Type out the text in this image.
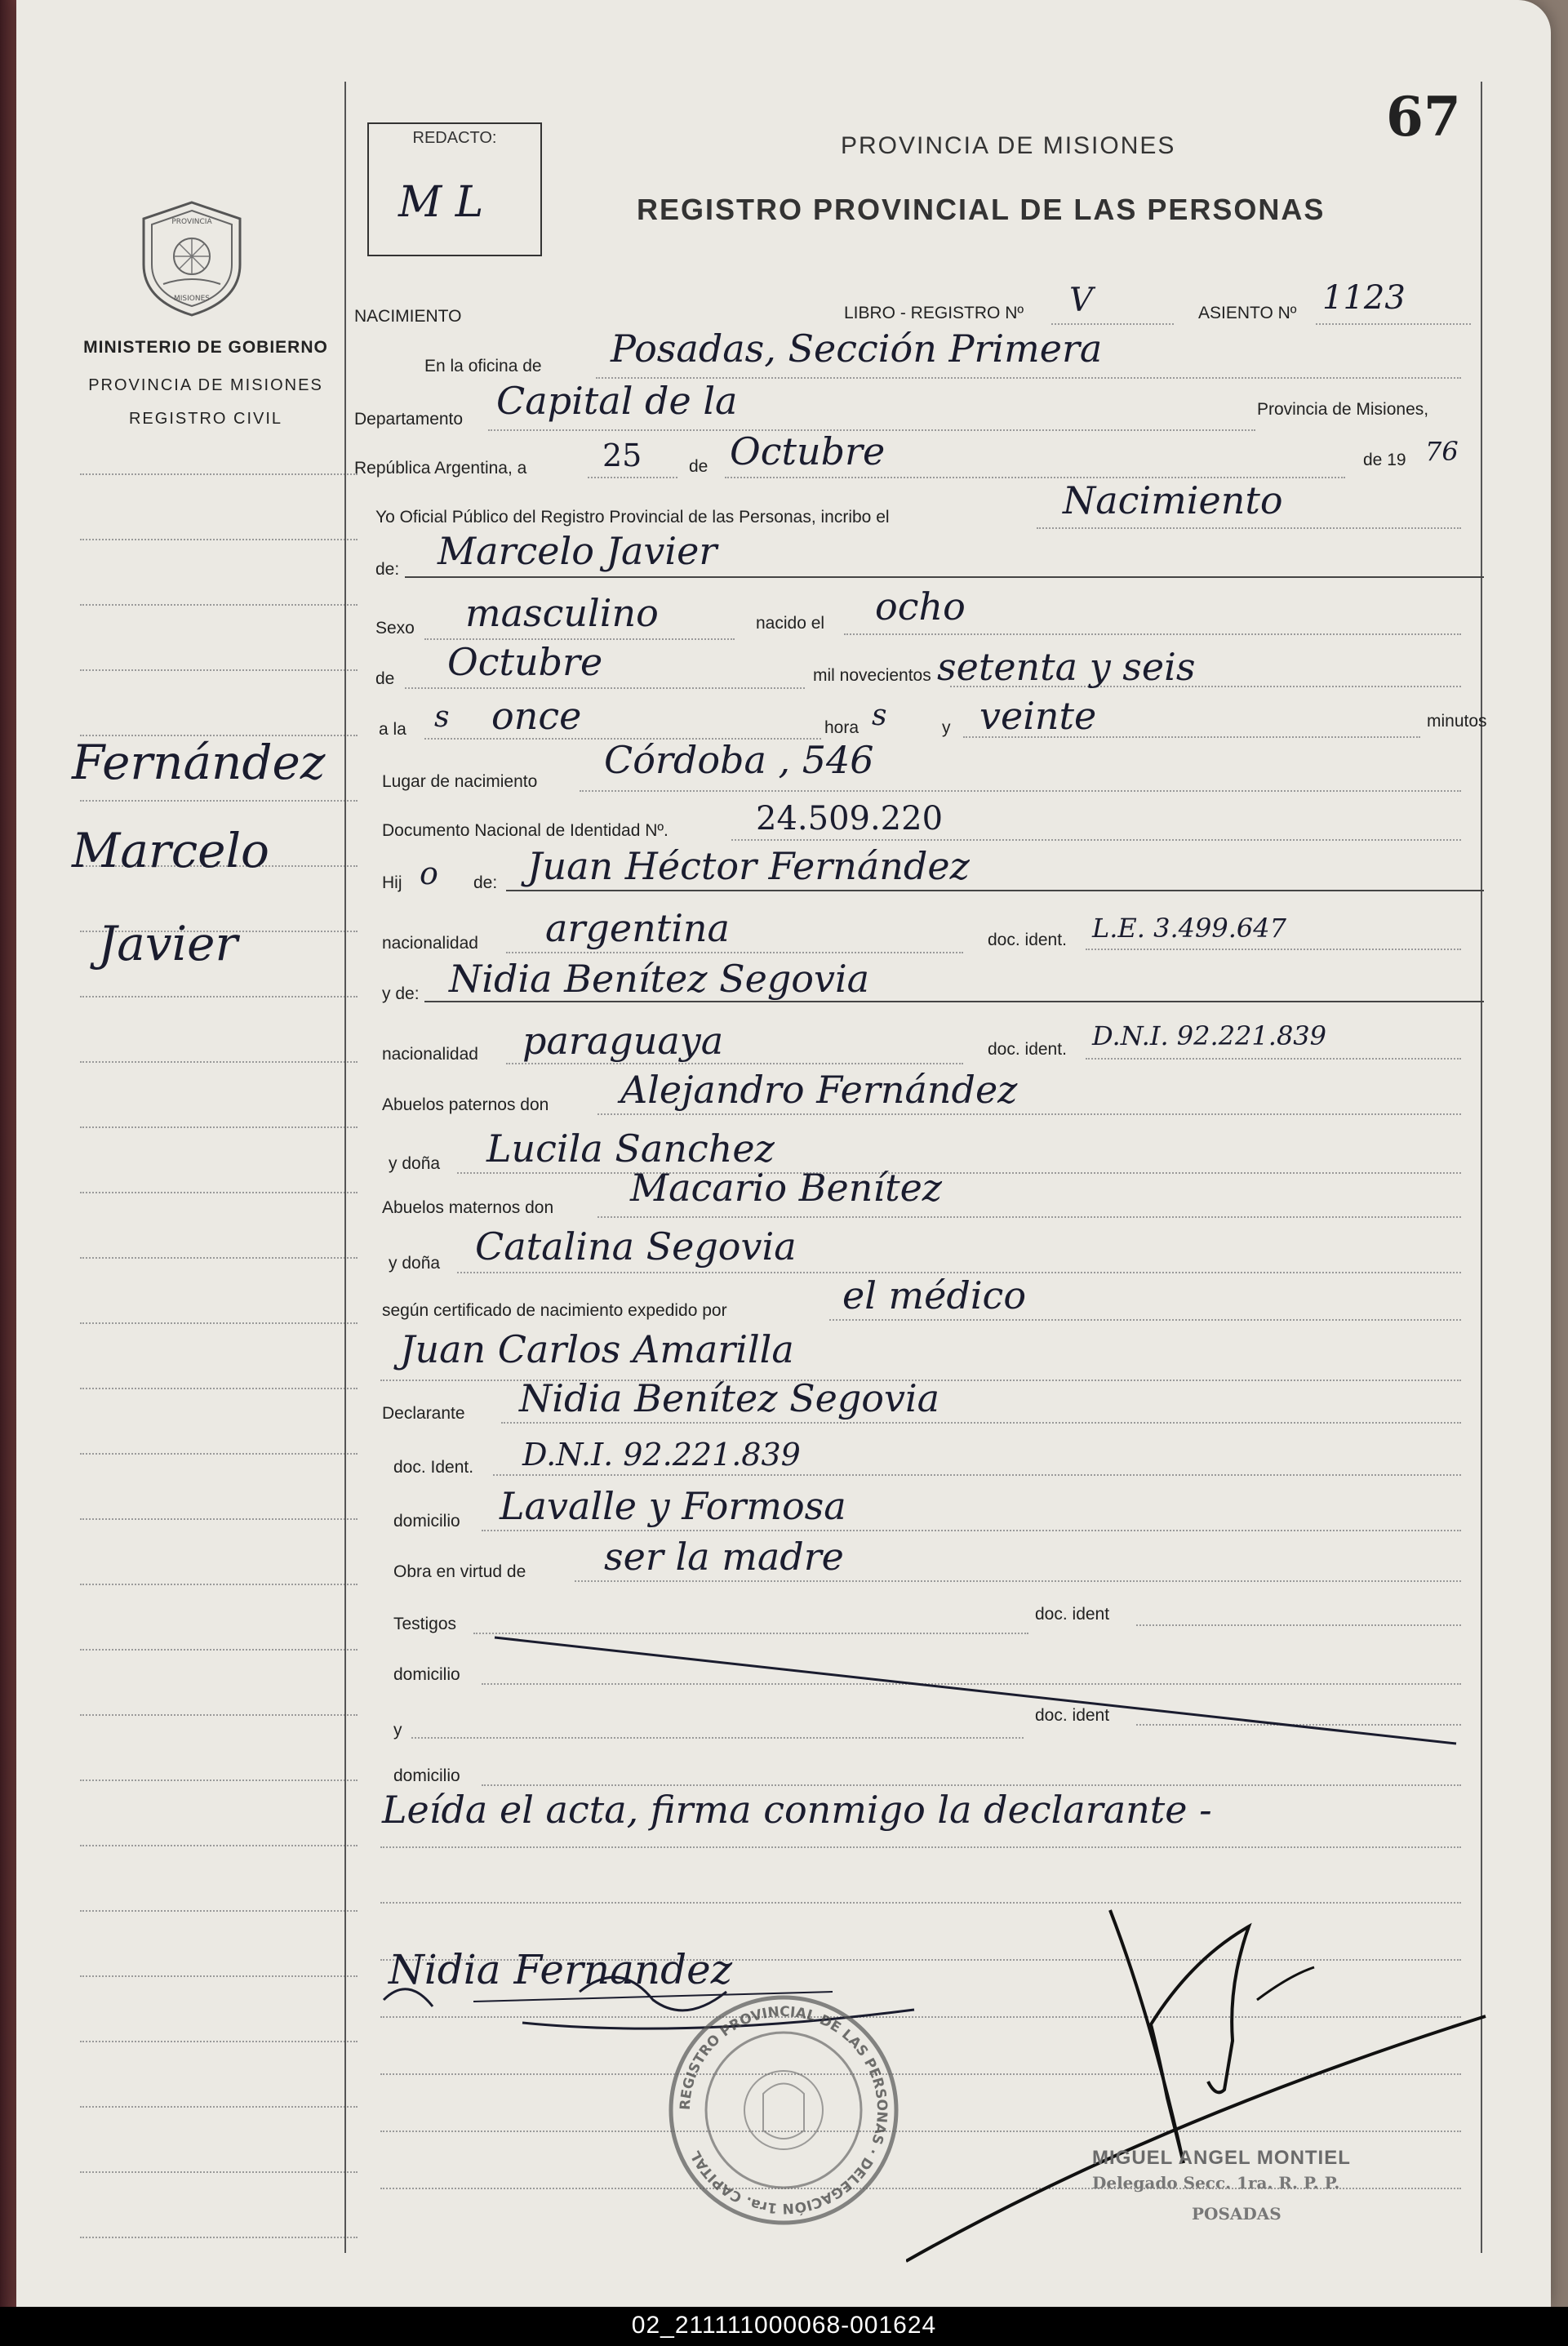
PROVINCIA
MISIONES
MINISTERIO DE GOBIERNO
PROVINCIA DE MISIONES
REGISTRO CIVIL
Fernández
Marcelo
Javier
REDACTO:
M L
67
PROVINCIA DE MISIONES
REGISTRO PROVINCIAL DE LAS PERSONAS
NACIMIENTO	LIBRO - REGISTRO Nº V	ASIENTO Nº 1123
En la oficina de Posadas, Sección Primera
Departamento Capital de la	Provincia de Misiones,
República Argentina, a 25	de Octubre	de 19 76
Yo Oficial Público del Registro Provincial de las Personas, incribo el	Nacimiento
de: Marcelo Javier
Sexo masculino	nacido el ocho
de Octubre	mil novecientos setenta y seis
a la s once	hora s	y veinte	minutos
Lugar de nacimiento Córdoba , 546
Documento Nacional de Identidad Nº.	24.509.220
Hij o de: Juan Héctor Fernández
nacionalidad argentina	doc. ident. L.E. 3.499.647
y de: Nidia Benítez Segovia
nacionalidad paraguaya	doc. ident. D.N.I. 92.221.839
Abuelos paternos don Alejandro Fernández
y doña Lucila Sanchez
Abuelos maternos don Macario Benítez
y doña Catalina Segovia
según certificado de nacimiento expedido por	el médico
Juan Carlos Amarilla
Declarante Nidia Benítez Segovia
doc. Ident. D.N.I. 92.221.839
domicilio Lavalle y Formosa
Obra en virtud de ser la madre
Testigos
doc. ident
domicilio
y
doc. ident
domicilio
Leída el acta, firma conmigo la declarante -
Nidia Fernandez
REGISTRO PROVINCIAL DE LAS PERSONAS · DELEGACIÓN 1ra. CAPITAL	MIGUEL ANGEL MONTIEL
Delegado Secc. 1ra. R. P. P.
POSADAS
02_211111000068-001624
